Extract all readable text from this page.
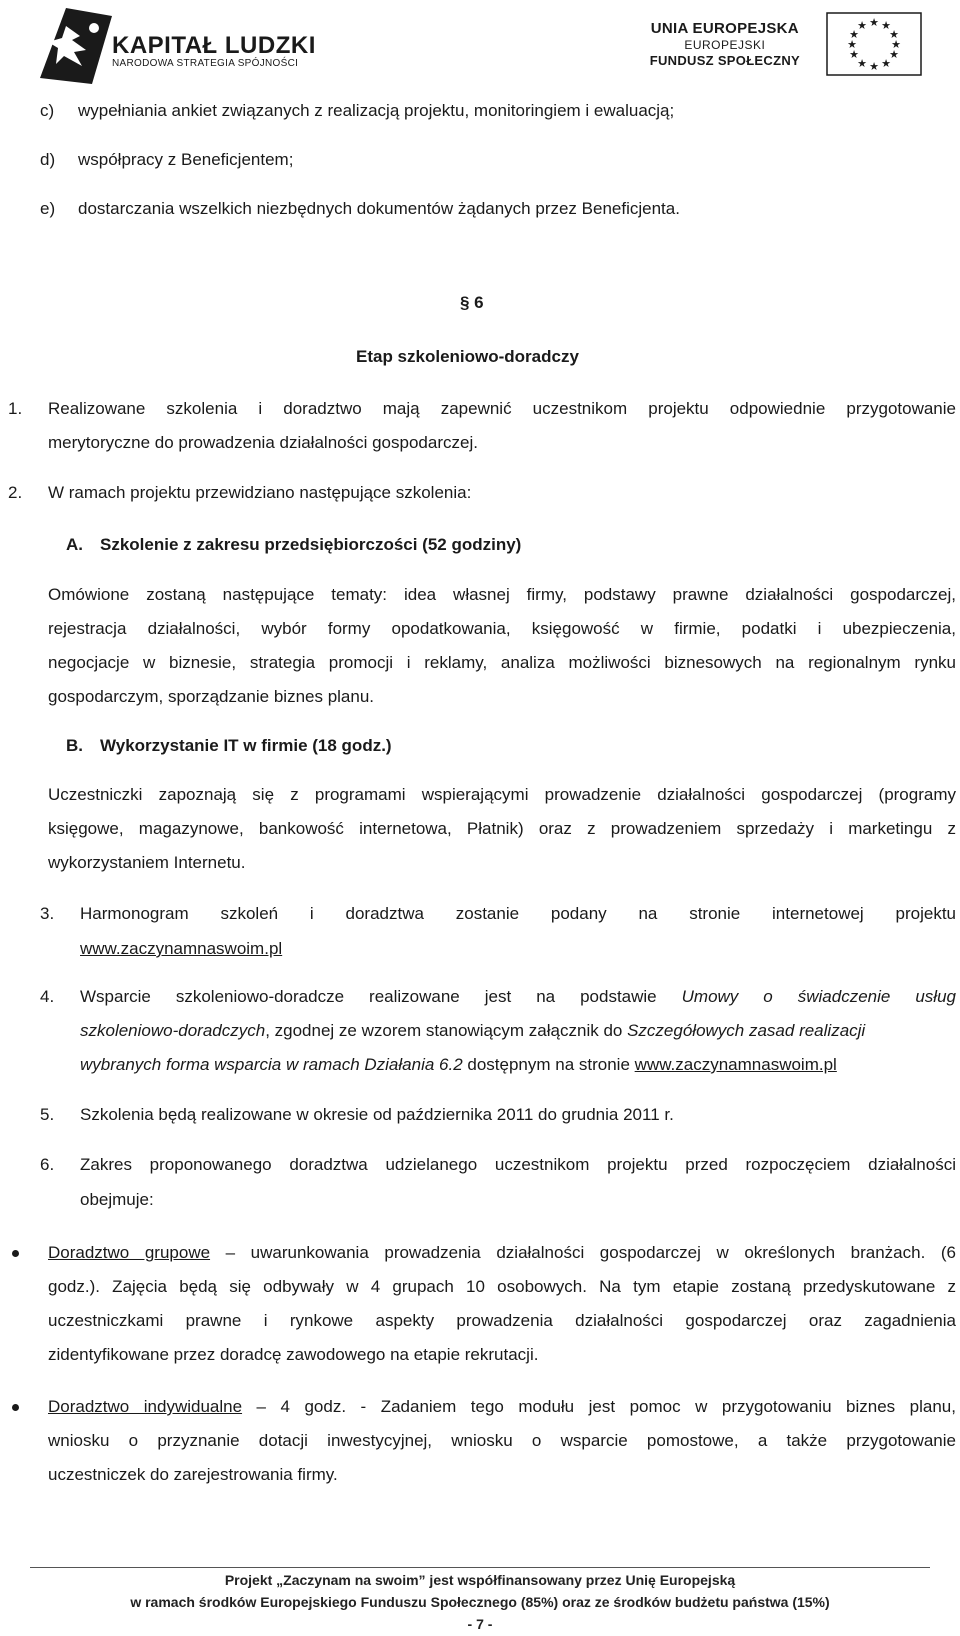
KAPITAŁ LUDZKI
NARODOWA STRATEGIA SPÓJNOŚCI
UNIA EUROPEJSKA
EUROPEJSKI
FUNDUSZ SPOŁECZNY
★ ★
★
★
★
★
★
★
★
★
★
★
c) wypełniania ankiet związanych z realizacją projektu, monitoringiem i ewaluacją;
d) współpracy z Beneficjentem;
e) dostarczania wszelkich niezbędnych dokumentów żądanych przez Beneficjenta.
§ 6
Etap szkoleniowo-doradczy
1. Realizowane szkolenia i doradztwo mają zapewnić uczestnikom projektu odpowiednie przygotowanie
merytoryczne do prowadzenia działalności gospodarczej.
2. W ramach projektu przewidziano następujące szkolenia:
A. Szkolenie z zakresu przedsiębiorczości (52 godziny)
Omówione zostaną następujące tematy: idea własnej firmy, podstawy prawne działalności gospodarczej,
rejestracja działalności, wybór formy opodatkowania, księgowość w firmie, podatki i ubezpieczenia,
negocjacje w biznesie, strategia promocji i reklamy, analiza możliwości biznesowych na regionalnym rynku
gospodarczym, sporządzanie biznes planu.
B. Wykorzystanie IT w firmie (18 godz.)
Uczestniczki zapoznają się z programami wspierającymi prowadzenie działalności gospodarczej (programy
księgowe, magazynowe, bankowość internetowa, Płatnik) oraz z prowadzeniem sprzedaży i marketingu z
wykorzystaniem Internetu.
3. Harmonogram szkoleń i doradztwa zostanie podany na stronie internetowej projektu
www.zaczynamnaswoim.pl
4. Wsparcie szkoleniowo-doradcze realizowane jest na podstawie Umowy o świadczenie usług
szkoleniowo-doradczych, zgodnej ze wzorem stanowiącym załącznik do Szczegółowych zasad realizacji
wybranych forma wsparcia w ramach Działania 6.2 dostępnym na stronie www.zaczynamnaswoim.pl
5. Szkolenia będą realizowane w okresie od października 2011 do grudnia 2011 r.
6. Zakres proponowanego doradztwa udzielanego uczestnikom projektu przed rozpoczęciem działalności
obejmuje:
Doradztwo grupowe – uwarunkowania prowadzenia działalności gospodarczej w określonych branżach. (6
godz.). Zajęcia będą się odbywały w 4 grupach 10 osobowych. Na tym etapie zostaną przedyskutowane z
uczestniczkami prawne i rynkowe aspekty prowadzenia działalności gospodarczej oraz zagadnienia
zidentyfikowane przez doradcę zawodowego na etapie rekrutacji.
Doradztwo indywidualne – 4 godz. - Zadaniem tego modułu jest pomoc w przygotowaniu biznes planu,
wniosku o przyznanie dotacji inwestycyjnej, wniosku o wsparcie pomostowe, a także przygotowanie
uczestniczek do zarejestrowania firmy.
Projekt „Zaczynam na swoim” jest współfinansowany przez Unię Europejską
w ramach środków Europejskiego Funduszu Społecznego (85%) oraz ze środków budżetu państwa (15%)
- 7 -
